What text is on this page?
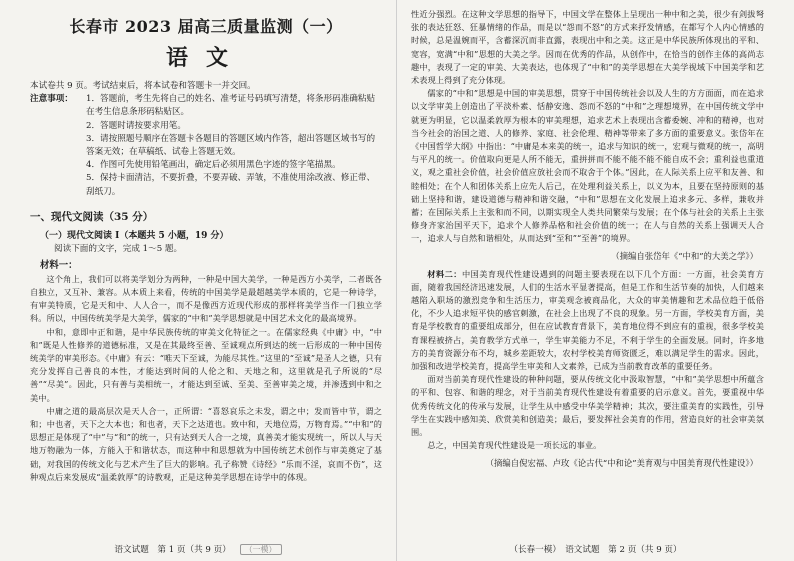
长春市 2023 届高三质量监测（一）
语文
本试卷共 9 页。考试结束后，将本试卷和答题卡一并交回。
注意事项：	1．答题前，考生先将自己的姓名、准考证号码填写清楚，将条形码准确粘贴在考生信息条形码粘贴区。
2．答题时请按要求用笔。
3．请按照题号顺序在答题卡各题目的答题区域内作答，超出答题区域书写的答案无效；在草稿纸、试卷上答题无效。
4．作图可先使用铅笔画出，确定后必须用黑色字迹的签字笔描黑。
5．保持卡面清洁，不要折叠，不要弄破、弄皱，不准使用涂改液、修正带、刮纸刀。
一、现代文阅读（35 分）
（一）现代文阅读 I（本题共 5 小题，19 分）
阅读下面的文字，完成 1～5 题。
材料一：

这个角上，我们可以将美学划分为两种，一种是中国大美学，一种是西方小美学，二者既各自独立，又互补、兼容。从本质上来看，传统的中国美学是最超越美学本质的，它是一种诗学，有审美特质，它是天和中、人人合一，而不是像西方近现代形成的那样将美学当作一门独立学科。所以，中国传统美学是大美学，儒家的“中和”美学思想就是中国艺术文化的最高境界。

中和，意即中正和谐，是中华民族传统的审美文化特征之一。在儒家经典《中庸》中，“中和”既是人性修养的道德标准，又是在其最终至善、至诚观点所到达的统一后形成的一种中国传统美学的审美形态。《中庸》有云：“唯天下至诚，为能尽其性。”这里的“至诚”是圣人之德，只有充分发挥自己善良的本性，才能达到时间的人伦之和、天地之和，这里就是孔子所说的“尽善”“尽美”。因此，只有善与美相统一，才能达到至诚、至美、至善审美之境，并渗透到中和之美中。

中庸之道的最高层次是天人合一，正所谓：“喜怒哀乐之未发，谓之中；发而皆中节，谓之和；中也者，天下之大本也；和也者，天下之达道也。致中和，天地位焉，万物育焉。”“中和”的思想正是体现了“中”与“和”的统一，只有达到天人合一之境，真善美才能实现统一，所以人与天地万物融为一体，方能入于和谐状态，而这种中和思想就为中国传统艺术创作与审美奠定了基础，对我国的传统文化与艺术产生了巨大的影响。孔子称赞《诗经》“乐而不淫，哀而不伤”，这种观点后来发展成“温柔敦厚”的诗教观，正是这种美学思想在诗学中的体现。

语文试题　第 1 页（共 9 页） （一模）

性近分强烈。在这种文学思想的指导下，中国文学在整体上呈现出一种中和之美，很少有剑拔弩张的表达狂怒、狂暴情绪的作品，而是以“怨而不怒”的方式来抒发情感，在都写个人内心情感的时候，总是温婉而平，含蓄深沉而非直露，表现出中和之美。这正是中华民族所体现出的平和、宽容，宽满“中和”思想的大美之学。因而在优秀的作品，从创作中，在恰当的创作主体的高尚志趣中，表现了一定的审美、大美表达，也体现了“中和”的美学思想在大美学视域下中国美学和艺术表现上得到了充分体现。

儒家的“中和”思想是中国的审美思想，贯穿于中国传统社会以及人生的方方面面，而在追求以文学审美上创造出了平淡朴素、恬静安逸、怨而不怒的“中和”之理想境界，在中国传统文学中就更为明显，它以温柔敦厚为根本的审美理想，追求艺术上表现出含蓄委婉、冲和的精神，也对当今社会的治国之道、人的修养、家庭、社会伦理、精神等带来了多方面的重要意义。张岱年在《中国哲学大纲》中指出：“中庸是本来美的统一，追求与知识的统一，宏观与微观的统一，高明与平凡的统一。价值取向更是人所不能无，重拼拼而不能不能不能不能自成不会；重利益也重道义，观之重社会价值，社会价值应放社会而不取舍于个体。”因此，在人际关系上应平和友善、和睦相处；在个人和团体关系上应先人后己，在处理利益关系上，以义为本，且要在坚持原则的基础上坚持和谐，建设道德与精神和谐交融，“中和”思想在文化发展上追求多元、多样，兼收并蓄；在国际关系上主张和而不同，以期实现全人类共同繁荣与发展；在个体与社会的关系上主张修身齐家治国平天下，追求个人修养品格和社会价值的统一；在人与自然的关系上强调天人合一，追求人与自然和谐相处，从而达到“至和”“至善”的境界。

（摘编自张岱年《“中和”的大美之学》）

材料二：中国美育现代性建设遇到的问题主要表现在以下几个方面：一方面，社会美育方面，随着我国经济迅速发展，人们的生活水平显著提高，但是工作和生活节奏的加快，人们越来越陷入职场的激烈竞争和生活压力，审美观念被商品化，大众的审美情趣和艺术品位趋于低俗化，不少人追求短平快的感官刺激，在社会上出现了不良的现象。另一方面，学校美育方面，美育是学校教育的重要组成部分，但在应试教育背景下，美育地位得不到应有的重视，很多学校美育课程被挤占，美育教学方式单一，学生审美能力不足，不利于学生的全面发展。同时，许多地方的美育资源分布不均，城乡差距较大，农村学校美育师资匮乏，难以满足学生的需求。因此，加强和改进学校美育，提高学生审美和人文素养，已成为当前教育改革的重要任务。

面对当前美育现代性建设的种种问题，要从传统文化中汲取智慧，“中和”美学思想中所蕴含的平和、包容、和谐的理念，对于当前美育现代性建设有着重要的启示意义。首先，要重视中华优秀传统文化的传承与发展，让学生从中感受中华美学精神；其次，要注重美育的实践性，引导学生在实践中感知美、欣赏美和创造美；最后，要发挥社会美育的作用，营造良好的社会审美氛围。

总之，中国美育现代性建设是一项长远的事业。

（摘编自倪宏福、卢玫《论古代“中和论”美育观与中国美育现代性建设》）
（长春一模）　语文试题　第 2 页（共 9 页）
